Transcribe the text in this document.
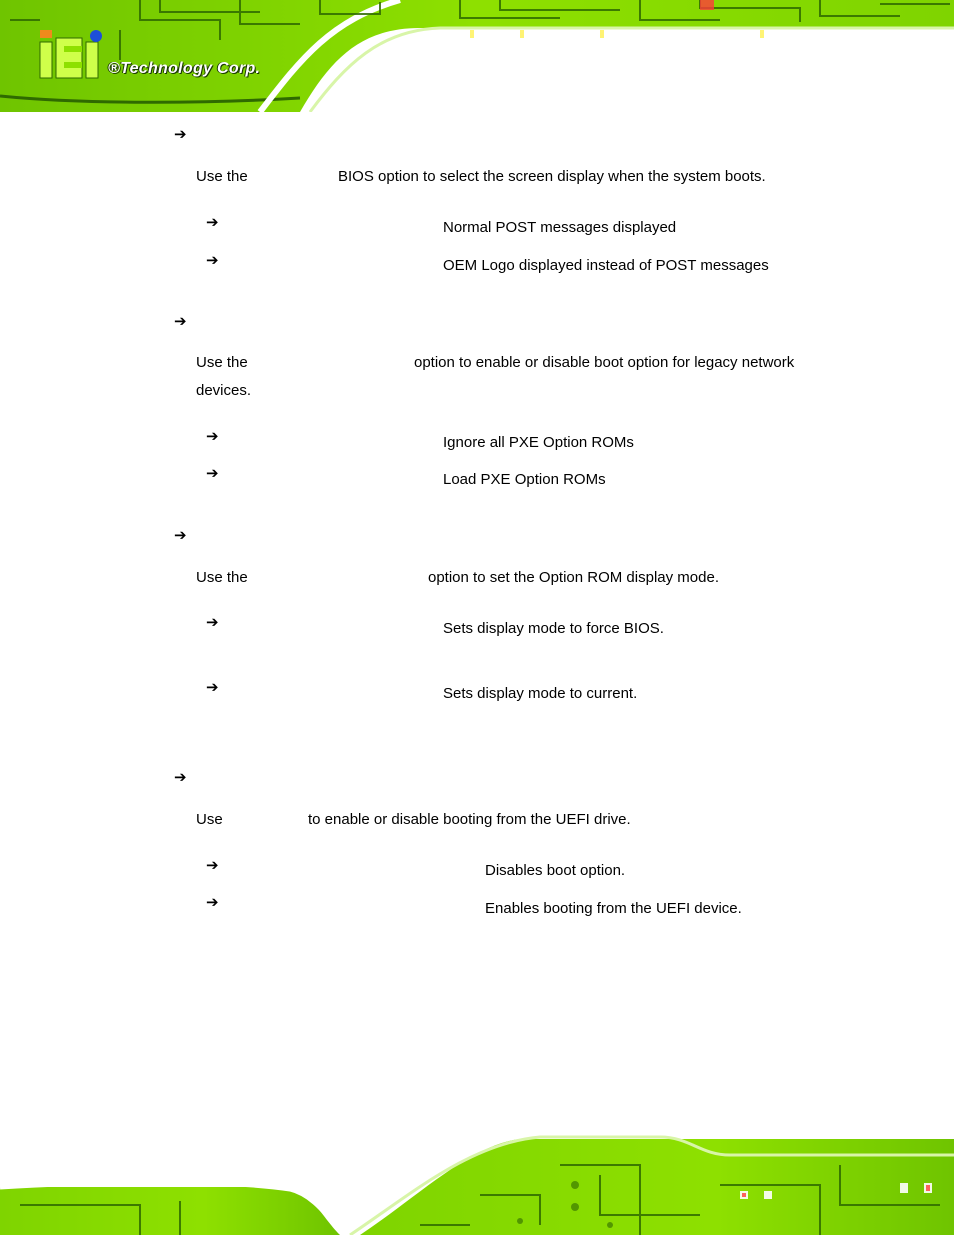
®Technology Corp.
➔
Use the	BIOS option to select the screen display when the system boots.
➔	Normal POST messages displayed
➔	OEM Logo displayed instead of POST messages
➔
Use the	option to enable or disable boot option for legacy network
devices.
➔	Ignore all PXE Option ROMs
➔	Load PXE Option ROMs
➔
Use the	option to set the Option ROM display mode.
➔	Sets display mode to force BIOS.
➔	Sets display mode to current.
➔
Use	to enable or disable booting from the UEFI drive.
➔	Disables boot option.
➔	Enables booting from the UEFI device.
